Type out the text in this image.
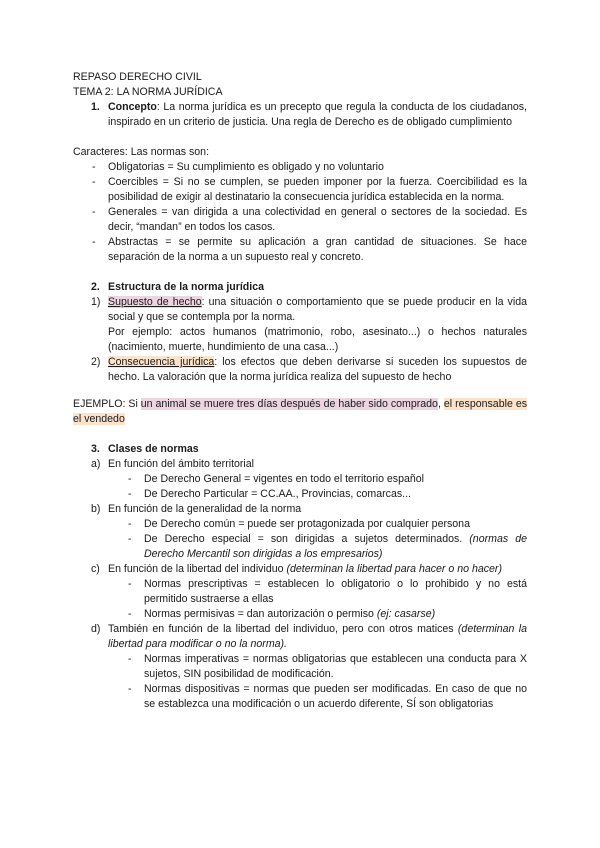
REPASO DERECHO CIVIL

TEMA 2: LA NORMA JURÍDICA

1. Concepto: La norma jurídica es un precepto que regula la conducta de los ciudadanos, inspirado en un criterio de justicia. Una regla de Derecho es de obligado cumplimiento

Caracteres: Las normas son:

-	Obligatorias = Su cumplimiento es obligado y no voluntario
-	Coercibles = Si no se cumplen, se pueden imponer por la fuerza. Coercibilidad es la posibilidad de exigir al destinatario la consecuencia jurídica establecida en la norma.
-	Generales = van dirigida a una colectividad en general o sectores de la sociedad. Es decir, “mandan” en todos los casos.
-	Abstractas = se permite su aplicación a gran cantidad de situaciones. Se hace separación de la norma a un supuesto real y concreto.
2. Estructura de la norma jurídica
1) Supuesto de hecho: una situación o comportamiento que se puede producir en la vida social y que se contempla por la norma.
Por ejemplo: actos humanos (matrimonio, robo, asesinato...) o hechos naturales (nacimiento, muerte, hundimiento de una casa...)
2) Consecuencia jurídica: los efectos que deben derivarse si suceden los supuestos de hecho. La valoración que la norma jurídica realiza del supuesto de hecho

EJEMPLO: Si un animal se muere tres días después de haber sido comprado, el responsable es el vendedo

3. Clases de normas
a) En función del ámbito territorial
-	De Derecho General = vigentes en todo el territorio español
-	De Derecho Particular = CC.AA., Provincias, comarcas...
b) En función de la generalidad de la norma
-	De Derecho común = puede ser protagonizada por cualquier persona
-	De Derecho especial = son dirigidas a sujetos determinados. (normas de Derecho Mercantil son dirigidas a los empresarios)
c) En función de la libertad del individuo (determinan la libertad para hacer o no hacer)
-	Normas prescriptivas = establecen lo obligatorio o lo prohibido y no está permitido sustraerse a ellas
-	Normas permisivas = dan autorización o permiso (ej: casarse)
d) También en función de la libertad del individuo, pero con otros matices (determinan la libertad para modificar o no la norma).
-	Normas imperativas = normas obligatorias que establecen una conducta para X sujetos, SIN posibilidad de modificación.
-	Normas dispositivas = normas que pueden ser modificadas. En caso de que no se establezca una modificación o un acuerdo diferente, SÍ son obligatorias
